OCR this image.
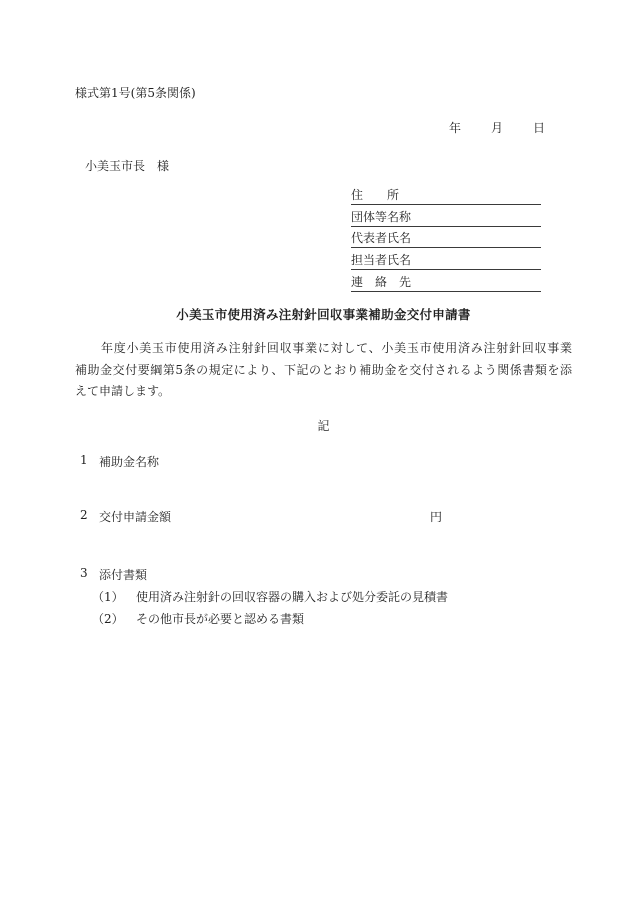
様式第1号(第5条関係)
年	月	日
小美玉市長　様
住　　所
団体等名称
代表者氏名
担当者氏名
連　絡　先
小美玉市使用済み注射針回収事業補助金交付申請書
年度小美玉市使用済み注射針回収事業に対して、小美玉市使用済み注射針回収事業
補助金交付要綱第5条の規定により、下記のとおり補助金を交付されるよう関係書類を添
えて申請します。
記
1 補助金名称
2 交付申請金額	円
3 添付書類
（1） 使用済み注射針の回収容器の購入および処分委託の見積書
（2） その他市長が必要と認める書類
